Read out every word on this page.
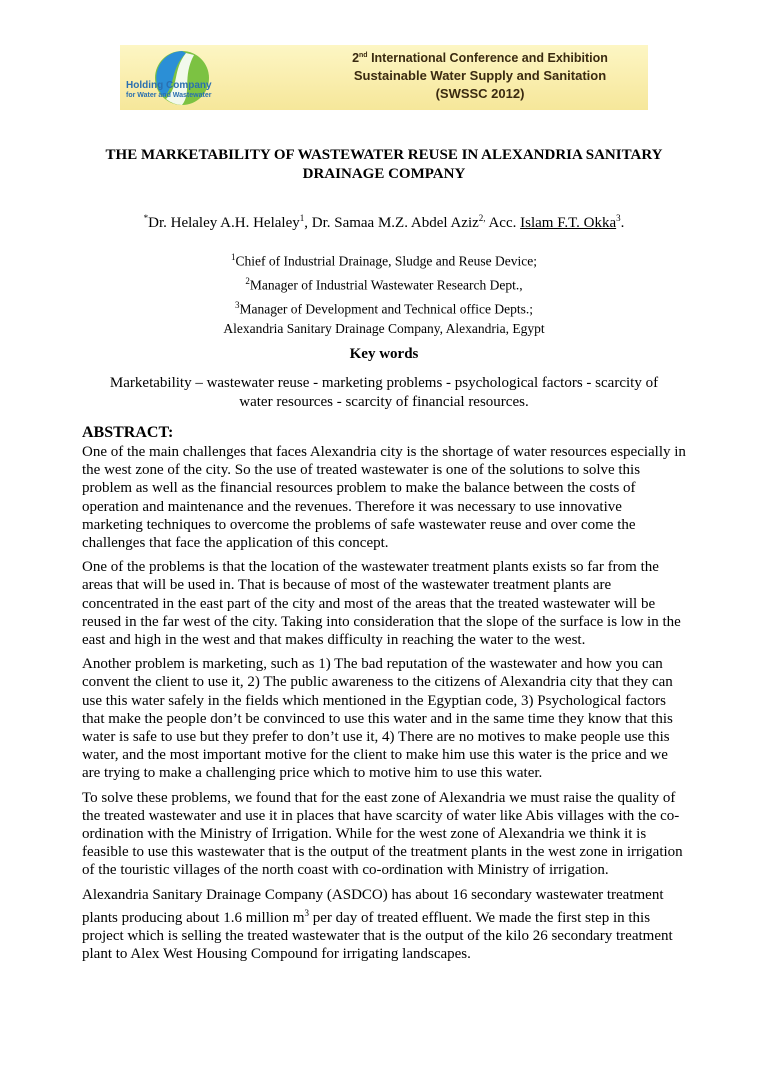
Holding Company
for Water and Wastewater
2nd International Conference and Exhibition
Sustainable Water Supply and Sanitation
(SWSSC 2012)
THE MARKETABILITY OF WASTEWATER REUSE IN ALEXANDRIA SANITARY DRAINAGE COMPANY
*Dr. Helaley A.H. Helaley$^1$, Dr. Samaa M.Z. Abdel Aziz$^{2,}$ Acc. Islam F.T. Okka$^3$.
$^1$Chief of Industrial Drainage, Sludge and Reuse Device;
$^2$Manager of Industrial Wastewater Research Dept.,
$^3$Manager of Development and Technical office Depts.;
Alexandria Sanitary Drainage Company, Alexandria, Egypt
Key words
Marketability – wastewater reuse - marketing problems - psychological factors - scarcity of water resources - scarcity of financial resources.
ABSTRACT:

One of the main challenges that faces Alexandria city is the shortage of water resources especially in the west zone of the city. So the use of treated wastewater is one of the solutions to solve this problem as well as the financial resources problem to make the balance between the costs of operation and maintenance and the revenues. Therefore it was necessary to use innovative marketing techniques to overcome the problems of safe wastewater reuse and over come the challenges that face the application of this concept.

One of the problems is that the location of the wastewater treatment plants exists so far from the areas that will be used in. That is because of most of the wastewater treatment plants are concentrated in the east part of the city and most of the areas that the treated wastewater will be reused in the far west of the city. Taking into consideration that the slope of the surface is low in the east and high in the west and that makes difficulty in reaching the water to the west.

Another problem is marketing, such as 1) The bad reputation of the wastewater and how you can convent the client to use it, 2) The public awareness to the citizens of Alexandria city that they can use this water safely in the fields which mentioned in the Egyptian code, 3) Psychological factors that make the people don’t be convinced to use this water and in the same time they know that this water is safe to use but they prefer to don’t use it, 4) There are no motives to make people use this water, and the most important motive for the client to make him use this water is the price and we are trying to make a challenging price which to motive him to use this water.

To solve these problems, we found that for the east zone of Alexandria we must raise the quality of the treated wastewater and use it in places that have scarcity of water like Abis villages with the co-ordination with the Ministry of Irrigation. While for the west zone of Alexandria we think it is feasible to use this wastewater that is the output of the treatment plants in the west zone in irrigation of the touristic villages of the north coast with co-ordination with Ministry of irrigation.

Alexandria Sanitary Drainage Company (ASDCO) has about 16 secondary wastewater treatment plants producing about 1.6 million $m^3$ per day of treated effluent. We made the first step in this project which is selling the treated wastewater that is the output of the kilo 26 secondary treatment plant to Alex West Housing Compound for irrigating landscapes.
